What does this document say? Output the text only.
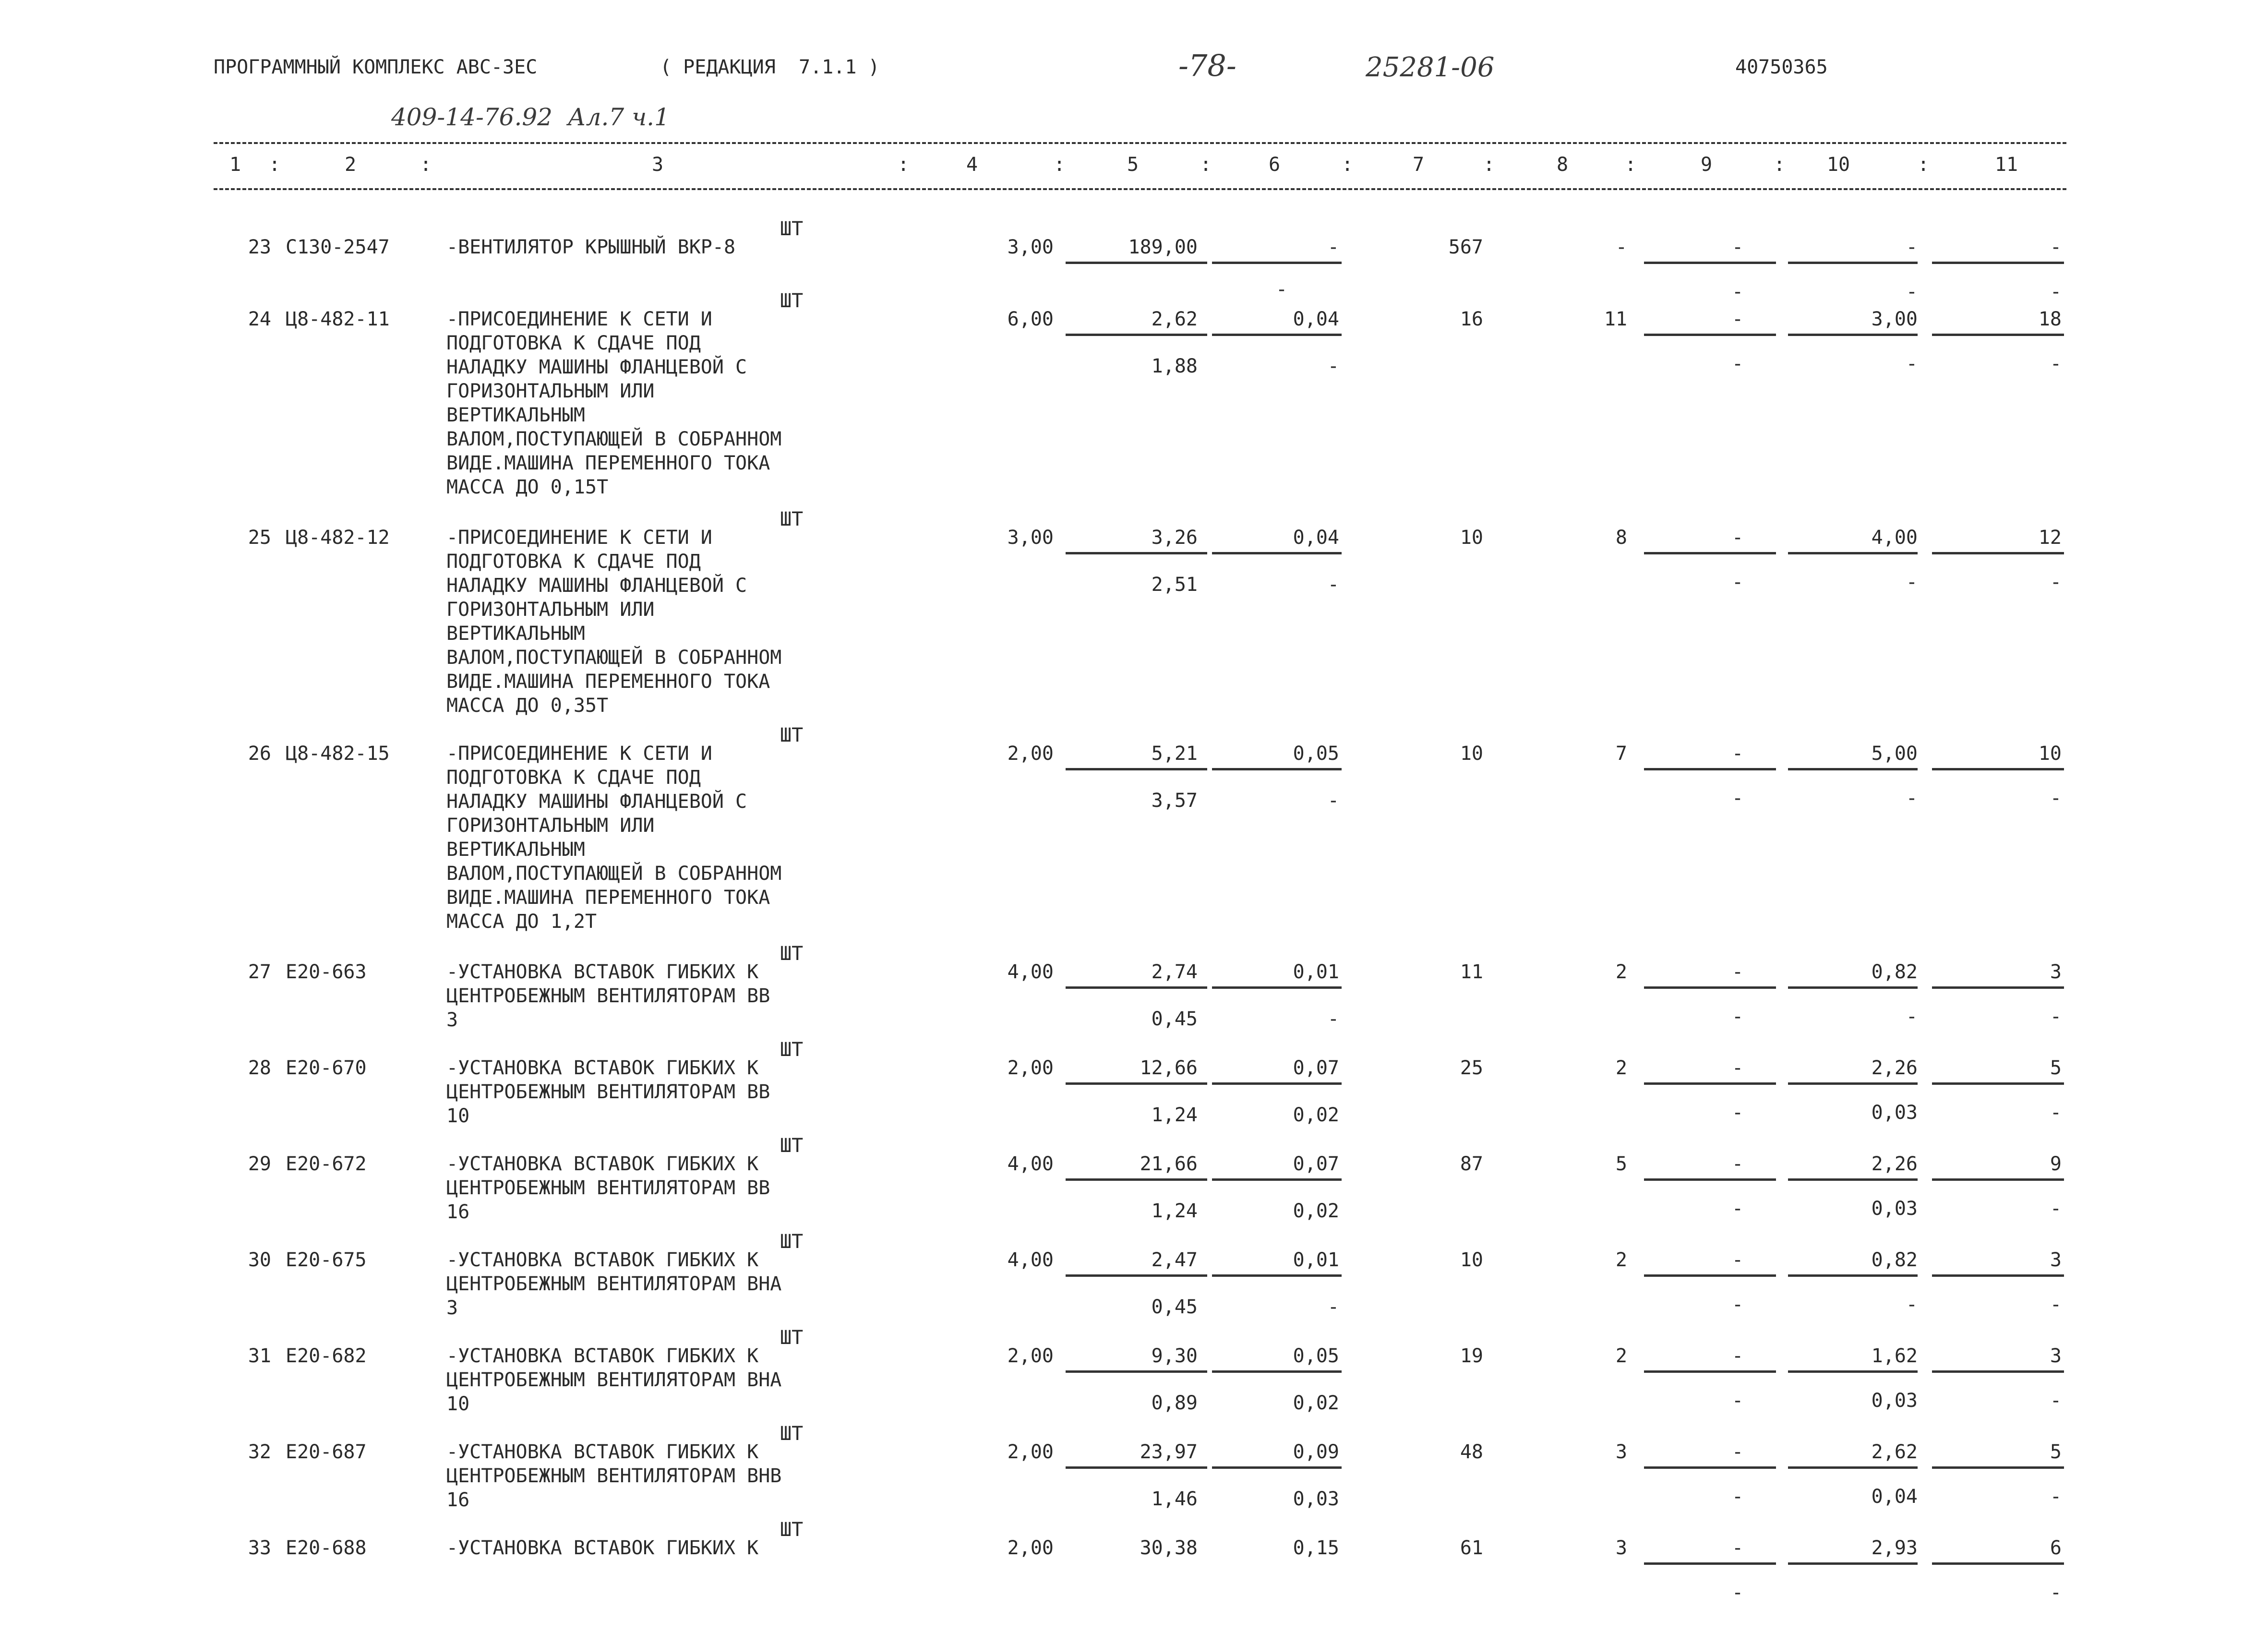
ПРОГРАММНЫЙ КОМПЛЕКС АВС-3ЕС	( РЕДАКЦИЯ  7.1.1 )	-78-	25281-06	40750365
409-14-76.92  Ал.7 ч.1
1	2	3	4	5	6	7	8	9	10	11
:	:	:	:	:	:	:	:	:	:
ШТ
23 С130-2547	-ВЕНТИЛЯТОР КРЫШНЫЙ ВКР-8	3,00	189,00	-	567	-	-	-	-
-	-	-	-
ШТ
24 Ц8-482-11	-ПРИСОЕДИНЕНИЕ К СЕТИ И
ПОДГОТОВКА К СДАЧЕ ПОД
НАЛАДКУ МАШИНЫ ФЛАНЦЕВОЙ С
ГОРИЗОНТАЛЬНЫМ ИЛИ
ВЕРТИКАЛЬНЫМ
ВАЛОМ,ПОСТУПАЮЩЕЙ В СОБРАННОМ
ВИДЕ.МАШИНА ПЕРЕМЕННОГО ТОКА
МАССА ДО 0,15Т
6,00	2,62	0,04	16	11	-	3,00	18
1,88	-	-	-	-
ШТ
25 Ц8-482-12	-ПРИСОЕДИНЕНИЕ К СЕТИ И
ПОДГОТОВКА К СДАЧЕ ПОД
НАЛАДКУ МАШИНЫ ФЛАНЦЕВОЙ С
ГОРИЗОНТАЛЬНЫМ ИЛИ
ВЕРТИКАЛЬНЫМ
ВАЛОМ,ПОСТУПАЮЩЕЙ В СОБРАННОМ
ВИДЕ.МАШИНА ПЕРЕМЕННОГО ТОКА
МАССА ДО 0,35Т
3,00	3,26	0,04	10	8	-	4,00	12
2,51	-	-	-	-
ШТ
26 Ц8-482-15	-ПРИСОЕДИНЕНИЕ К СЕТИ И
ПОДГОТОВКА К СДАЧЕ ПОД
НАЛАДКУ МАШИНЫ ФЛАНЦЕВОЙ С
ГОРИЗОНТАЛЬНЫМ ИЛИ
ВЕРТИКАЛЬНЫМ
ВАЛОМ,ПОСТУПАЮЩЕЙ В СОБРАННОМ
ВИДЕ.МАШИНА ПЕРЕМЕННОГО ТОКА
МАССА ДО 1,2Т
2,00	5,21	0,05	10	7	-	5,00	10
3,57	-	-	-	-
ШТ
27 Е20-663	-УСТАНОВКА ВСТАВОК ГИБКИХ К
ЦЕНТРОБЕЖНЫМ ВЕНТИЛЯТОРАМ ВВ
3
4,00	2,74	0,01	11	2	-	0,82	3
0,45	-	-	-	-
ШТ
28 Е20-670	-УСТАНОВКА ВСТАВОК ГИБКИХ К
ЦЕНТРОБЕЖНЫМ ВЕНТИЛЯТОРАМ ВВ
10
2,00	12,66	0,07	25	2	-	2,26	5
1,24	0,02	-	0,03	-
ШТ
29 Е20-672	-УСТАНОВКА ВСТАВОК ГИБКИХ К
ЦЕНТРОБЕЖНЫМ ВЕНТИЛЯТОРАМ ВВ
16
4,00	21,66	0,07	87	5	-	2,26	9
1,24	0,02	-	0,03	-
ШТ
30 Е20-675	-УСТАНОВКА ВСТАВОК ГИБКИХ К
ЦЕНТРОБЕЖНЫМ ВЕНТИЛЯТОРАМ ВНА
3
4,00	2,47	0,01	10	2	-	0,82	3
0,45	-	-	-	-
ШТ
31 Е20-682	-УСТАНОВКА ВСТАВОК ГИБКИХ К
ЦЕНТРОБЕЖНЫМ ВЕНТИЛЯТОРАМ ВНА
10
2,00	9,30	0,05	19	2	-	1,62	3
0,89	0,02	-	0,03	-
ШТ
32 Е20-687	-УСТАНОВКА ВСТАВОК ГИБКИХ К
ЦЕНТРОБЕЖНЫМ ВЕНТИЛЯТОРАМ ВНВ
16
2,00	23,97	0,09	48	3	-	2,62	5
1,46	0,03	-	0,04	-
ШТ
33 Е20-688	-УСТАНОВКА ВСТАВОК ГИБКИХ К	2,00	30,38	0,15	61	3	-	2,93	6
-	-
